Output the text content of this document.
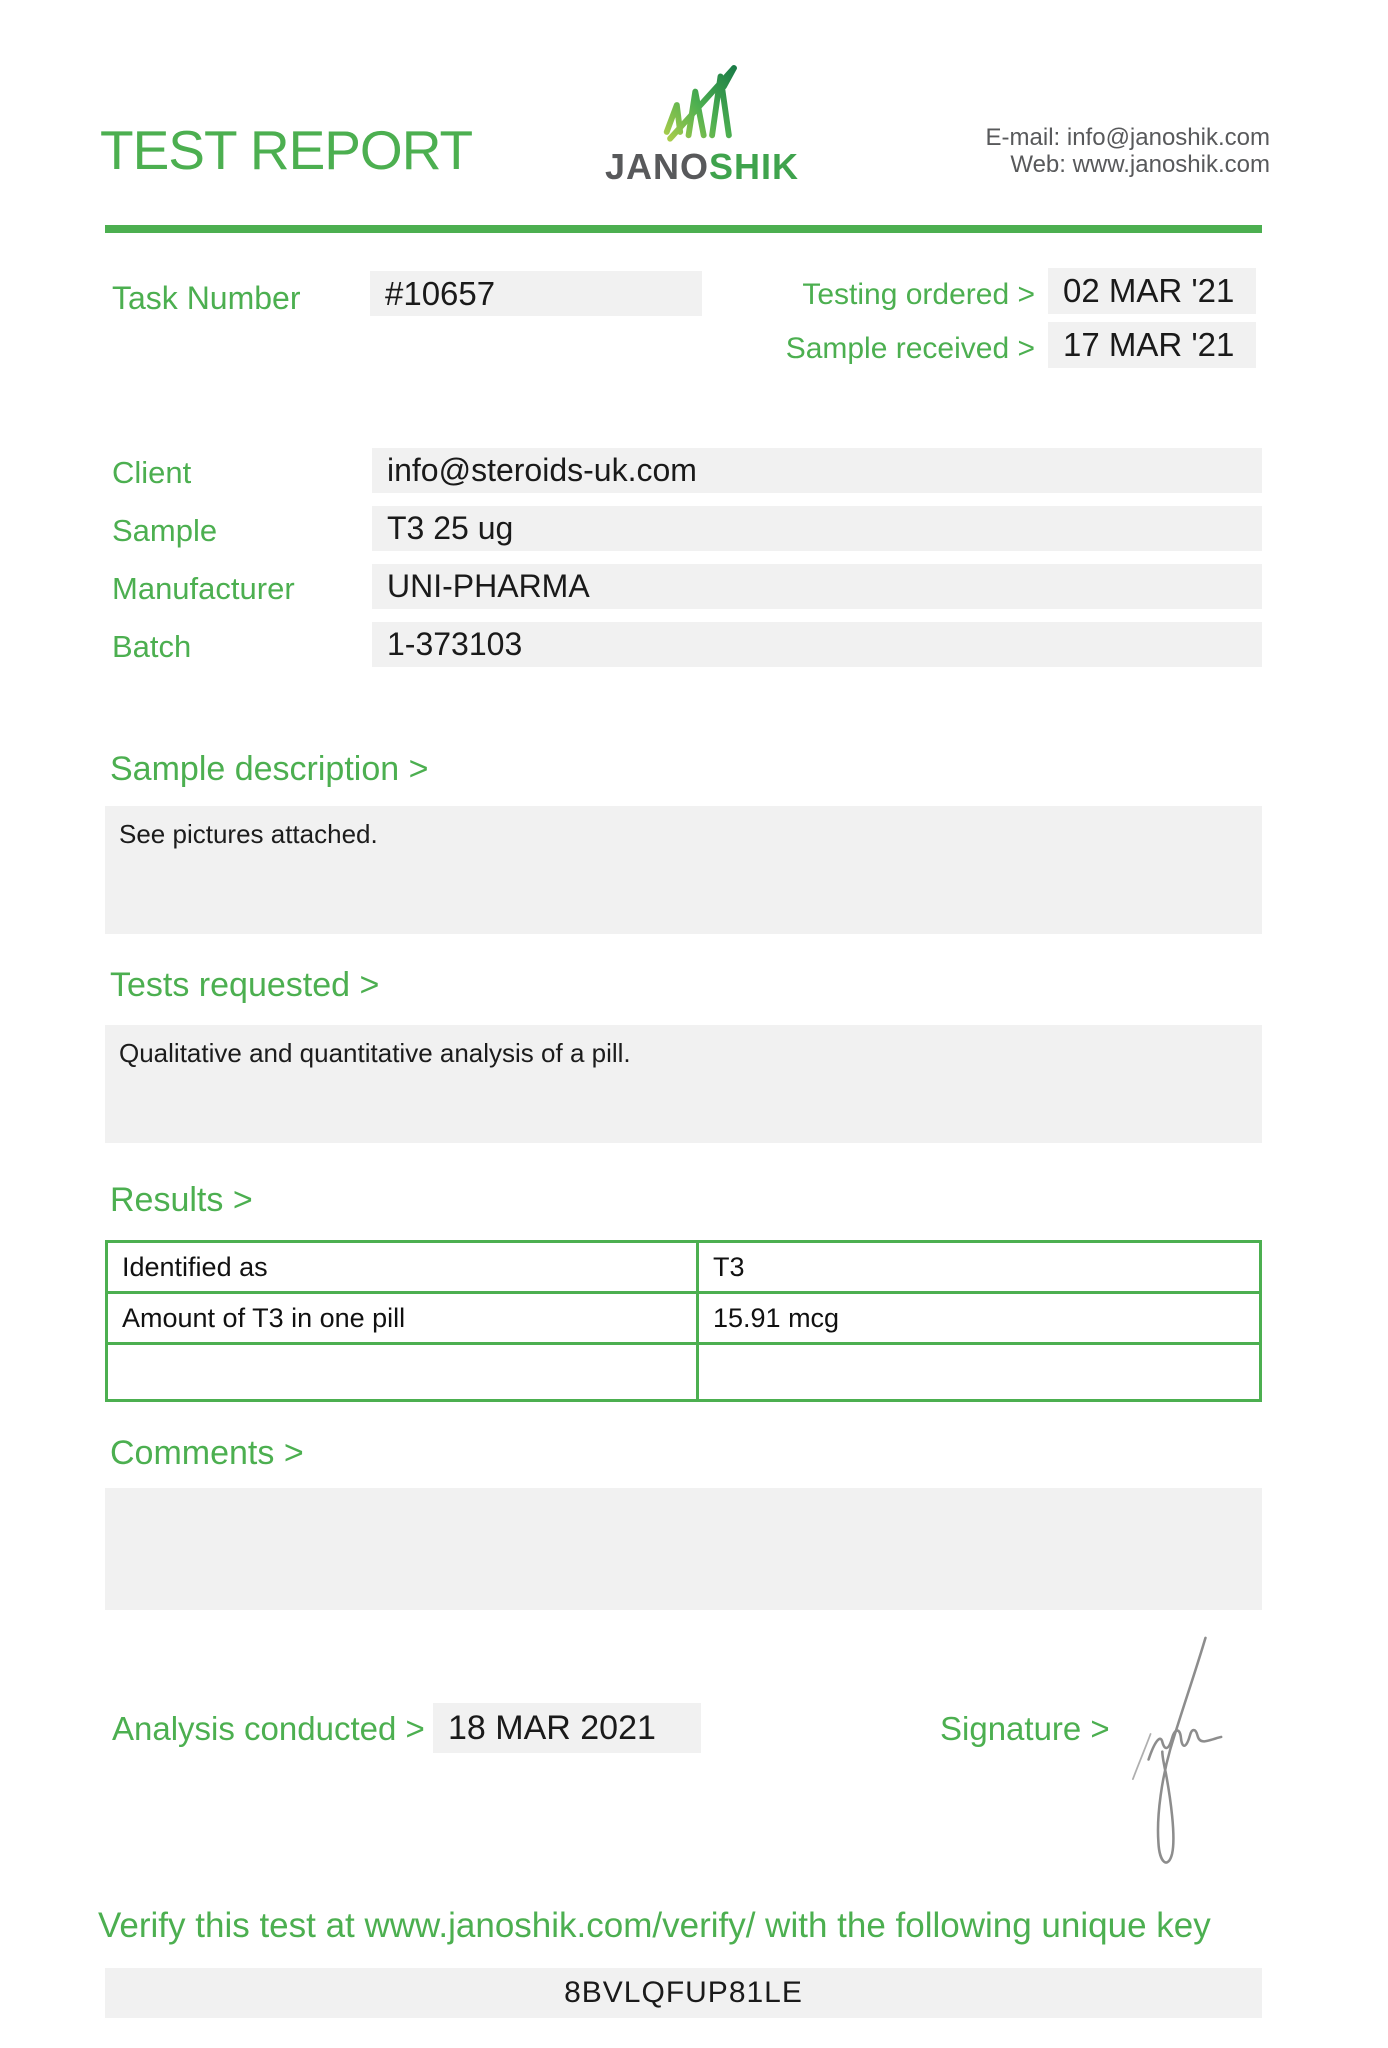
TEST REPORT	JANOSHIK
E-mail: info@janoshik.com
Web: www.janoshik.com
Task Number	#10657	Testing ordered > 02 MAR '21
Sample received > 17 MAR '21
Client	info@steroids-uk.com
Sample	T3 25 ug
Manufacturer	UNI-PHARMA
Batch	1-373103
Sample description >
See pictures attached.
Tests requested >
Qualitative and quantitative analysis of a pill.
Results >
Identified as	T3
Amount of T3 in one pill	15.91 mcg
Comments >
Analysis conducted > 18 MAR 2021	Signature >
Verify this test at www.janoshik.com/verify/ with the following unique key
8BVLQFUP81LE
